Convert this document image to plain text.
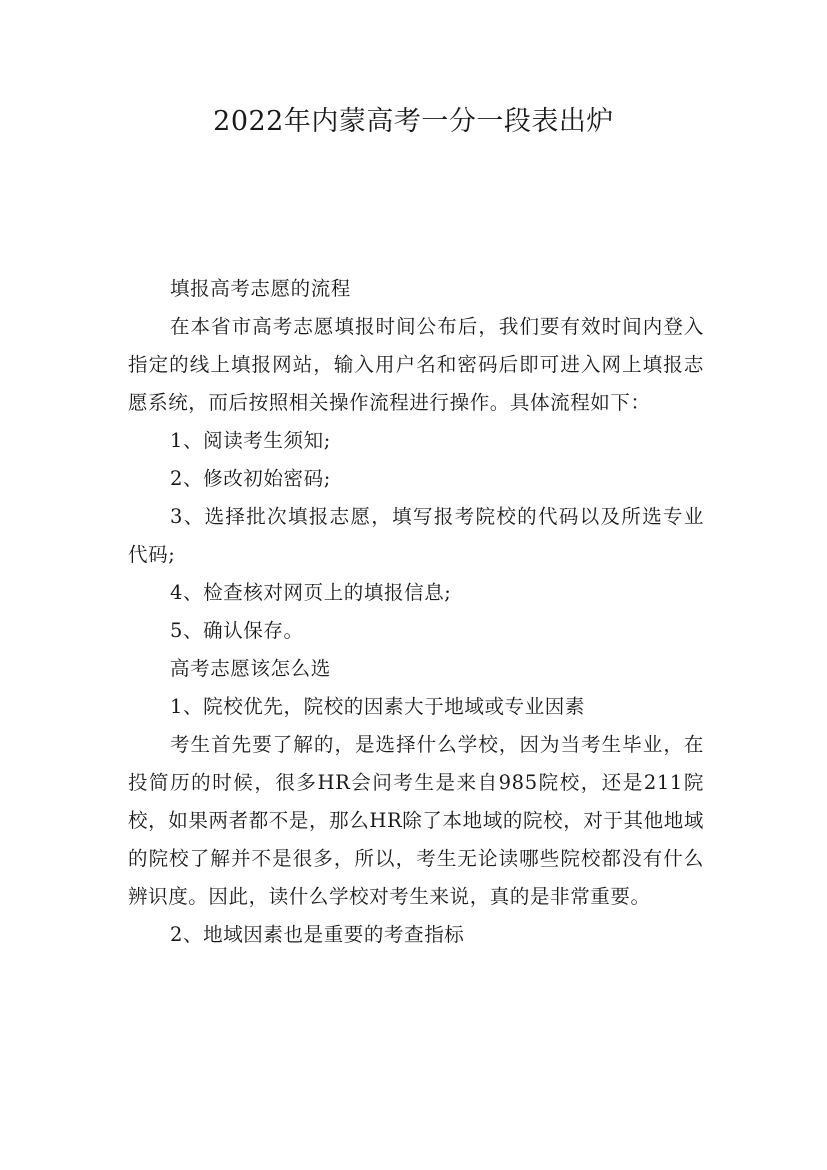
2022年内蒙高考一分一段表出炉

填报高考志愿的流程

在本省市高考志愿填报时间公布后，我们要有效时间内登入指定的线上填报网站，输入用户名和密码后即可进入网上填报志愿系统，而后按照相关操作流程进行操作。具体流程如下：

1、阅读考生须知;

2、修改初始密码;

3、选择批次填报志愿，填写报考院校的代码以及所选专业代码;

4、检查核对网页上的填报信息;

5、确认保存。

高考志愿该怎么选

1、院校优先，院校的因素大于地域或专业因素

考生首先要了解的，是选择什么学校，因为当考生毕业，在投简历的时候，很多HR会问考生是来自985院校，还是211院校，如果两者都不是，那么HR除了本地域的院校，对于其他地域的院校了解并不是很多，所以，考生无论读哪些院校都没有什么辨识度。因此，读什么学校对考生来说，真的是非常重要。

2、地域因素也是重要的考查指标
